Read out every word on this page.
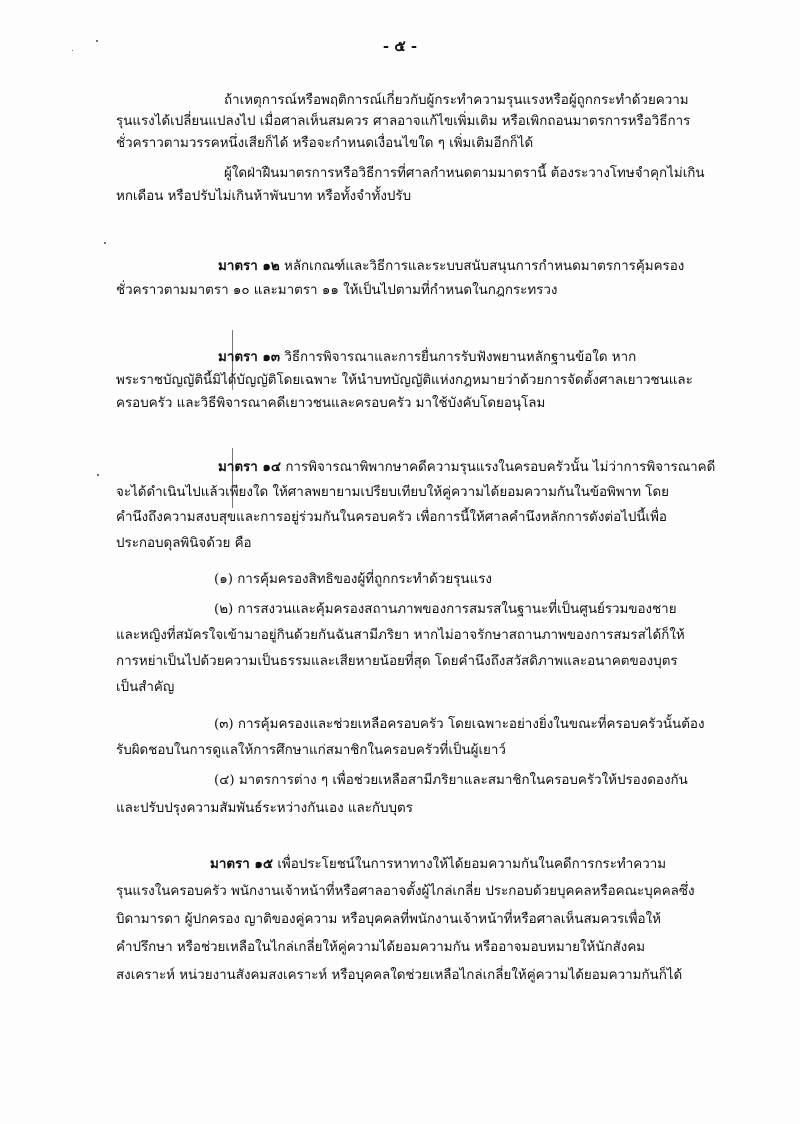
- ๕ -
ถ้าเหตุการณ์หรือพฤติการณ์เกี่ยวกับผู้กระทำความรุนแรงหรือผู้ถูกกระทำด้วยความ
รุนแรงได้เปลี่ยนแปลงไป เมื่อศาลเห็นสมควร ศาลอาจแก้ไขเพิ่มเติม หรือเพิกถอนมาตรการหรือวิธีการ
ชั่วคราวตามวรรคหนึ่งเสียก็ได้ หรือจะกำหนดเงื่อนไขใด ๆ เพิ่มเติมอีกก็ได้
ผู้ใดฝ่าฝืนมาตรการหรือวิธีการที่ศาลกำหนดตามมาตรานี้ ต้องระวางโทษจำคุกไม่เกิน
หกเดือน หรือปรับไม่เกินห้าพันบาท หรือทั้งจำทั้งปรับ
มาตรา ๑๒ หลักเกณฑ์และวิธีการและระบบสนับสนุนการกำหนดมาตรการคุ้มครอง
ชั่วคราวตามมาตรา ๑๐ และมาตรา ๑๑ ให้เป็นไปตามที่กำหนดในกฎกระทรวง
มาตรา ๑๓ วิธีการพิจารณาและการยื่นการรับฟังพยานหลักฐานข้อใด หาก
พระราชบัญญัตินี้มิได้บัญญัติโดยเฉพาะ ให้นำบทบัญญัติแห่งกฎหมายว่าด้วยการจัดตั้งศาลเยาวชนและ
ครอบครัว และวิธีพิจารณาคดีเยาวชนและครอบครัว มาใช้บังคับโดยอนุโลม
มาตรา ๑๔ การพิจารณาพิพากษาคดีความรุนแรงในครอบครัวนั้น ไม่ว่าการพิจารณาคดี
จะได้ดำเนินไปแล้วเพียงใด ให้ศาลพยายามเปรียบเทียบให้คู่ความได้ยอมความกันในข้อพิพาท โดย
คำนึงถึงความสงบสุขและการอยู่ร่วมกันในครอบครัว เพื่อการนี้ให้ศาลคำนึงหลักการดังต่อไปนี้เพื่อ
ประกอบดุลพินิจด้วย คือ
(๑) การคุ้มครองสิทธิของผู้ที่ถูกกระทำด้วยรุนแรง
(๒) การสงวนและคุ้มครองสถานภาพของการสมรสในฐานะที่เป็นศูนย์รวมของชาย
และหญิงที่สมัครใจเข้ามาอยู่กินด้วยกันฉันสามีภริยา หากไม่อาจรักษาสถานภาพของการสมรสได้ก็ให้
การหย่าเป็นไปด้วยความเป็นธรรมและเสียหายน้อยที่สุด โดยคำนึงถึงสวัสดิภาพและอนาคตของบุตร
เป็นสำคัญ
(๓) การคุ้มครองและช่วยเหลือครอบครัว โดยเฉพาะอย่างยิ่งในขณะที่ครอบครัวนั้นต้อง
รับผิดชอบในการดูแลให้การศึกษาแก่สมาชิกในครอบครัวที่เป็นผู้เยาว์
(๔) มาตรการต่าง ๆ เพื่อช่วยเหลือสามีภริยาและสมาชิกในครอบครัวให้ปรองดองกัน
และปรับปรุงความสัมพันธ์ระหว่างกันเอง และกับบุตร
มาตรา ๑๕ เพื่อประโยชน์ในการหาทางให้ได้ยอมความกันในคดีการกระทำความ
รุนแรงในครอบครัว พนักงานเจ้าหน้าที่หรือศาลอาจตั้งผู้ไกล่เกลี่ย ประกอบด้วยบุคคลหรือคณะบุคคลซึ่ง
บิดามารดา ผู้ปกครอง ญาติของคู่ความ หรือบุคคลที่พนักงานเจ้าหน้าที่หรือศาลเห็นสมควรเพื่อให้
คำปรึกษา หรือช่วยเหลือในไกล่เกลี่ยให้คู่ความได้ยอมความกัน หรืออาจมอบหมายให้นักสังคม
สงเคราะห์ หน่วยงานสังคมสงเคราะห์ หรือบุคคลใดช่วยเหลือไกล่เกลี่ยให้คู่ความได้ยอมความกันก็ได้
